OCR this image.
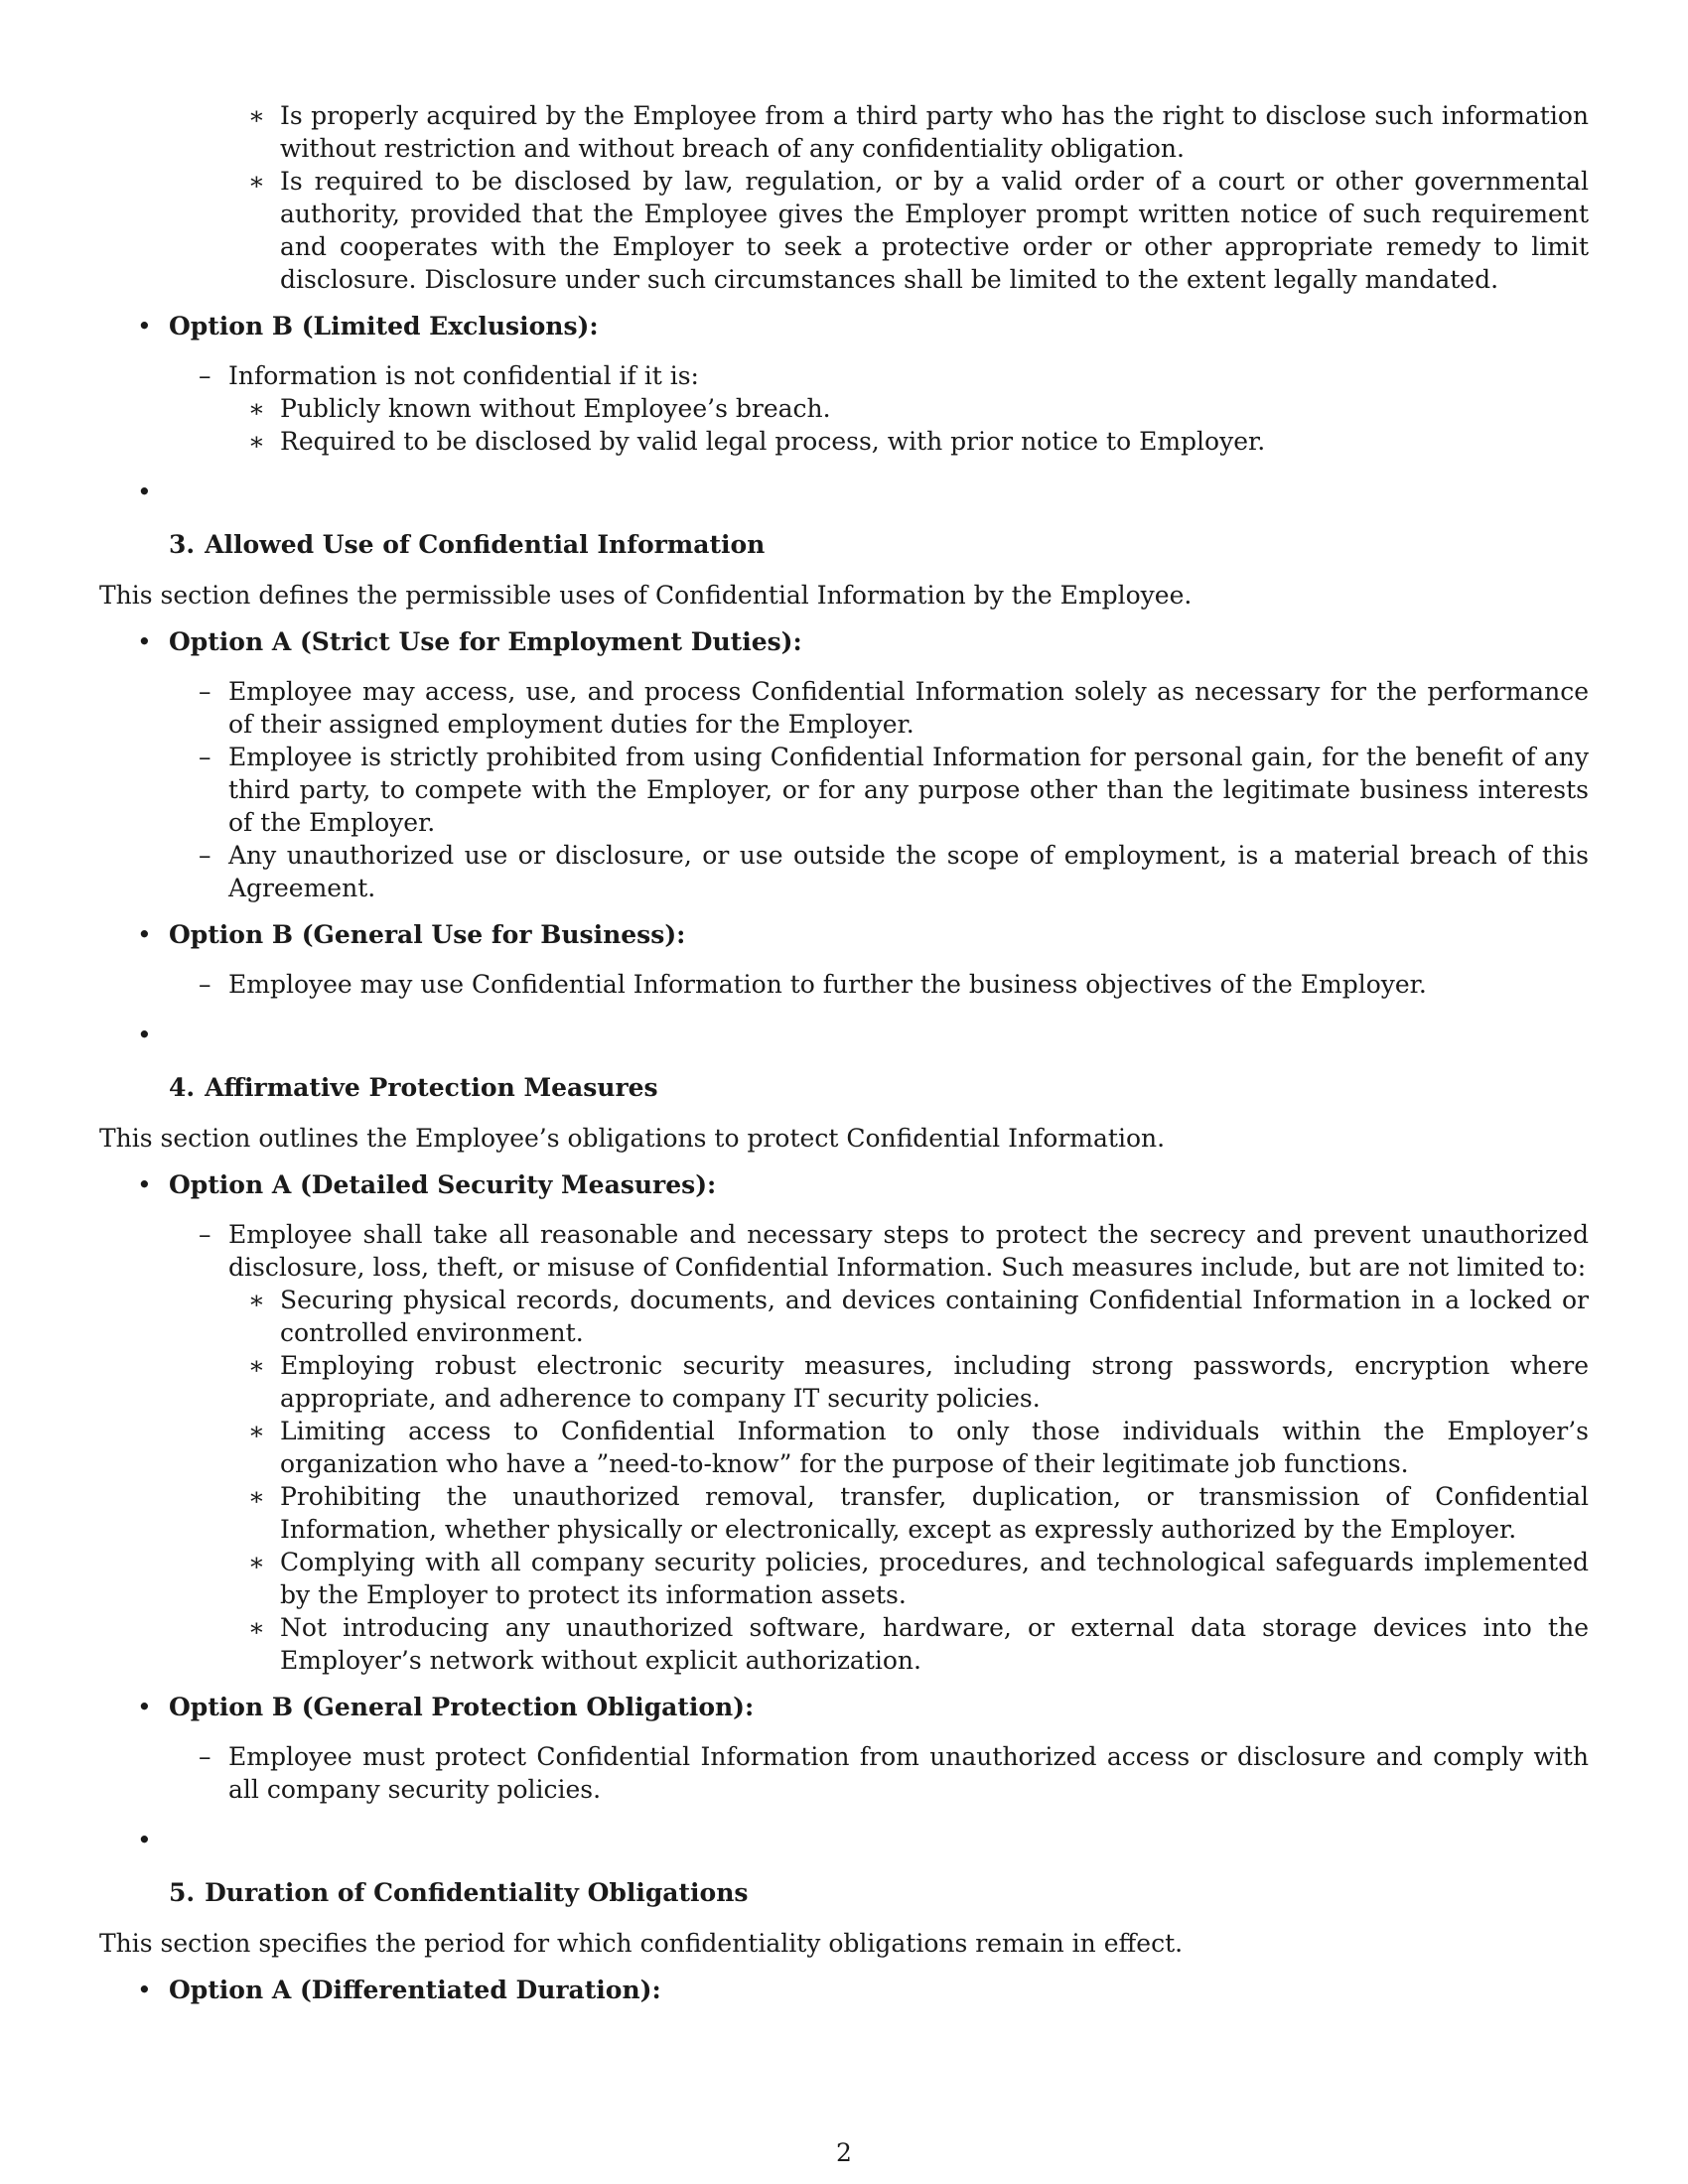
∗ Is properly acquired by the Employee from a third party who has the right to disclose such information without restriction and without breach of any confidentiality obligation.
∗ Is required to be disclosed by law, regulation, or by a valid order of a court or other governmental authority, provided that the Employee gives the Employer prompt written notice of such requirement and cooperates with the Employer to seek a protective order or other appropriate remedy to limit disclosure. Disclosure under such circumstances shall be limited to the extent legally mandated.
• Option B (Limited Exclusions):
– Information is not confidential if it is:
∗ Publicly known without Employee’s breach.
∗ Required to be disclosed by valid legal process, with prior notice to Employer.
•
3. Allowed Use of Confidential Information
This section defines the permissible uses of Confidential Information by the Employee.
• Option A (Strict Use for Employment Duties):
– Employee may access, use, and process Confidential Information solely as necessary for the performance of their assigned employment duties for the Employer.
– Employee is strictly prohibited from using Confidential Information for personal gain, for the benefit of any third party, to compete with the Employer, or for any purpose other than the legitimate business interests of the Employer.
– Any unauthorized use or disclosure, or use outside the scope of employment, is a material breach of this Agreement.
• Option B (General Use for Business):
– Employee may use Confidential Information to further the business objectives of the Employer.
•
4. Affirmative Protection Measures
This section outlines the Employee’s obligations to protect Confidential Information.
• Option A (Detailed Security Measures):
– Employee shall take all reasonable and necessary steps to protect the secrecy and prevent unauthorized disclosure, loss, theft, or misuse of Confidential Information. Such measures include, but are not limited to:
∗ Securing physical records, documents, and devices containing Confidential Information in a locked or controlled environment.
∗ Employing robust electronic security measures, including strong passwords, encryption where appropriate, and adherence to company IT security policies.
∗ Limiting access to Confidential Information to only those individuals within the Employer’s organization who have a ”need-to-know” for the purpose of their legitimate job functions.
∗ Prohibiting the unauthorized removal, transfer, duplication, or transmission of Confidential Information, whether physically or electronically, except as expressly authorized by the Employer.
∗ Complying with all company security policies, procedures, and technological safeguards implemented by the Employer to protect its information assets.
∗ Not introducing any unauthorized software, hardware, or external data storage devices into the Employer’s network without explicit authorization.
• Option B (General Protection Obligation):
– Employee must protect Confidential Information from unauthorized access or disclosure and comply with all company security policies.
•
5. Duration of Confidentiality Obligations
This section specifies the period for which confidentiality obligations remain in effect.
• Option A (Differentiated Duration):
2
